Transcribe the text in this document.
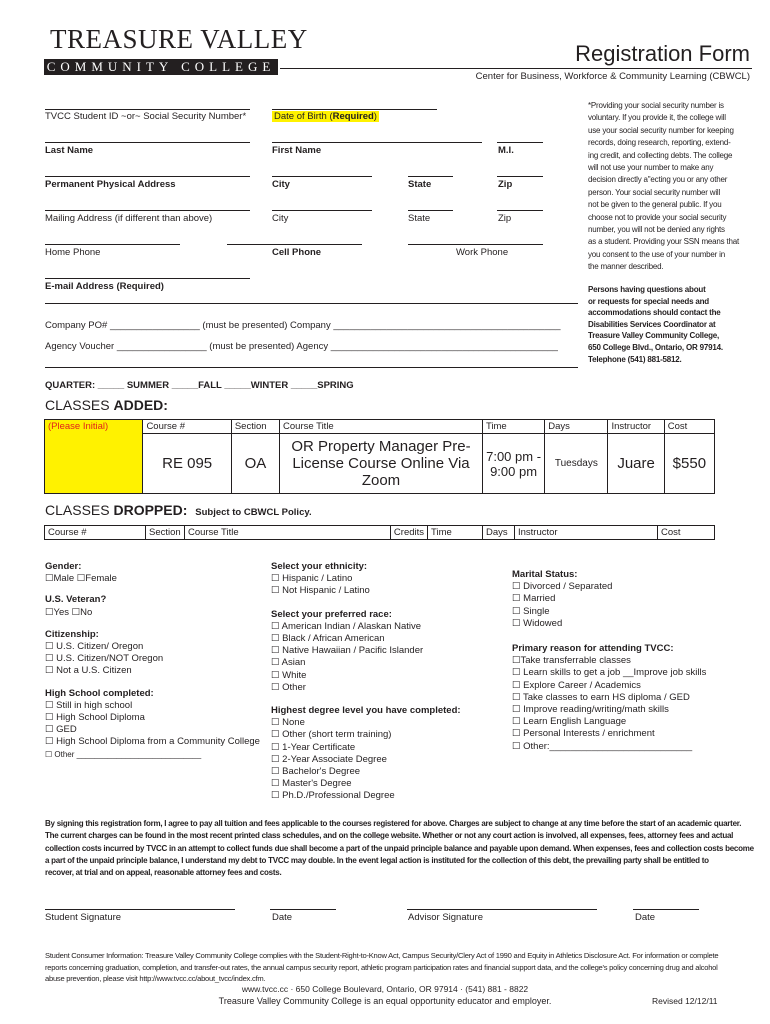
TREASURE VALLEY
COMMUNITY COLLEGE
Registration Form
Center for Business, Workforce & Community Learning (CBWCL)
TVCC Student ID ~or~ Social Security Number*	Date of Birth (Required)
Last Name	First Name	M.I.
Permanent Physical Address	City	State	Zip
Mailing Address (if different than above)	City	State	Zip
Home Phone	Cell Phone	Work Phone
E-mail Address (Required)
*Providing your social security number is
voluntary. If you provide it, the college will
use your social security number for keeping
records, doing research, reporting, extend-
ing credit, and collecting debts. The college
will not use your number to make any
decision directly a"ecting you or any other
person. Your social security number will
not be given to the general public. If you
choose not to provide your social security
number, you will not be denied any rights
as a student. Providing your SSN means that
you consent to the use of your number in
the manner described.
Persons having questions about
or requests for special needs and
accommodations should contact the
Disabilities Services Coordinator at
Treasure Valley Community College,
650 College Blvd., Ontario, OR 97914.
Telephone (541) 881-5812.
Company PO# _________________ (must be presented) Company ___________________________________________
Agency Voucher _________________ (must be presented) Agency ___________________________________________
QUARTER: _____ SUMMER _____FALL _____WINTER _____SPRING
CLASSES ADDED:
(Please Initial)	Course #	Section	Course Title	Time	Days	Instructor	Cost
	RE 095	OA	OR Property Manager Pre-License Course Online Via Zoom	7:00 pm - 9:00 pm	Tuesdays	Juare	$550
CLASSES DROPPED: Subject to CBWCL Policy.
Course #	Section	Course Title	Credits	Time	Days	Instructor	Cost
Gender:
☐Male ☐Female
U.S. Veteran?
☐Yes ☐No
Citizenship:
☐ U.S. Citizen/ Oregon
☐ U.S. Citizen/NOT Oregon
☐ Not a U.S. Citizen
High School completed:
☐ Still in high school
☐ High School Diploma
☐ GED
☐ High School Diploma from a Community College
☐ Other ____________________________
Select your ethnicity:
☐ Hispanic / Latino
☐ Not Hispanic / Latino
Select your preferred race:
☐ American Indian / Alaskan Native
☐ Black / African American
☐ Native Hawaiian / Pacific Islander
☐ Asian
☐ White
☐ Other
Highest degree level you have completed:
☐ None
☐ Other (short term training)
☐ 1-Year Certificate
☐ 2-Year Associate Degree
☐ Bachelor's Degree
☐ Master's Degree
☐ Ph.D./Professional Degree
Marital Status:
☐ Divorced / Separated
☐ Married
☐ Single
☐ Widowed
Primary reason for attending TVCC:
☐Take transferrable classes
☐ Learn skills to get a job __Improve job skills
☐ Explore Career / Academics
☐ Take classes to earn HS diploma / GED
☐ Improve reading/writing/math skills
☐ Learn English Language
☐ Personal Interests / enrichment
☐ Other:___________________________
By signing this registration form, I agree to pay all tuition and fees applicable to the courses registered for above. Charges are subject to change at any time before the start of an academic quarter.
The current charges can be found in the most recent printed class schedules, and on the college website. Whether or not any court action is involved, all expenses, fees, attorney fees and actual
collection costs incurred by TVCC in an attempt to collect funds due shall become a part of the unpaid principle balance and payable upon demand. When expenses, fees and collection costs become
a part of the unpaid principle balance, I understand my debt to TVCC may double. In the event legal action is instituted for the collection of this debt, the prevailing party shall be entitled to
recover, at trial and on appeal, reasonable attorney fees and costs.
Student Signature	Date	Advisor Signature	Date
Student Consumer Information: Treasure Valley Community College complies with the Student-Right-to-Know Act, Campus Security/Clery Act of 1990 and Equity in Athletics Disclosure Act. For information or complete
reports concerning graduation, completion, and transfer-out rates, the annual campus security report, athletic program participation rates and ﬁnancial support data, and the college's policy concerning drug and alcohol
abuse prevention, please visit http://www.tvcc.cc/about_tvcc/index.cfm.
www.tvcc.cc · 650 College Boulevard, Ontario, OR 97914 · (541) 881 - 8822
Treasure Valley Community College is an equal opportunity educator and employer.	Revised 12/12/11
